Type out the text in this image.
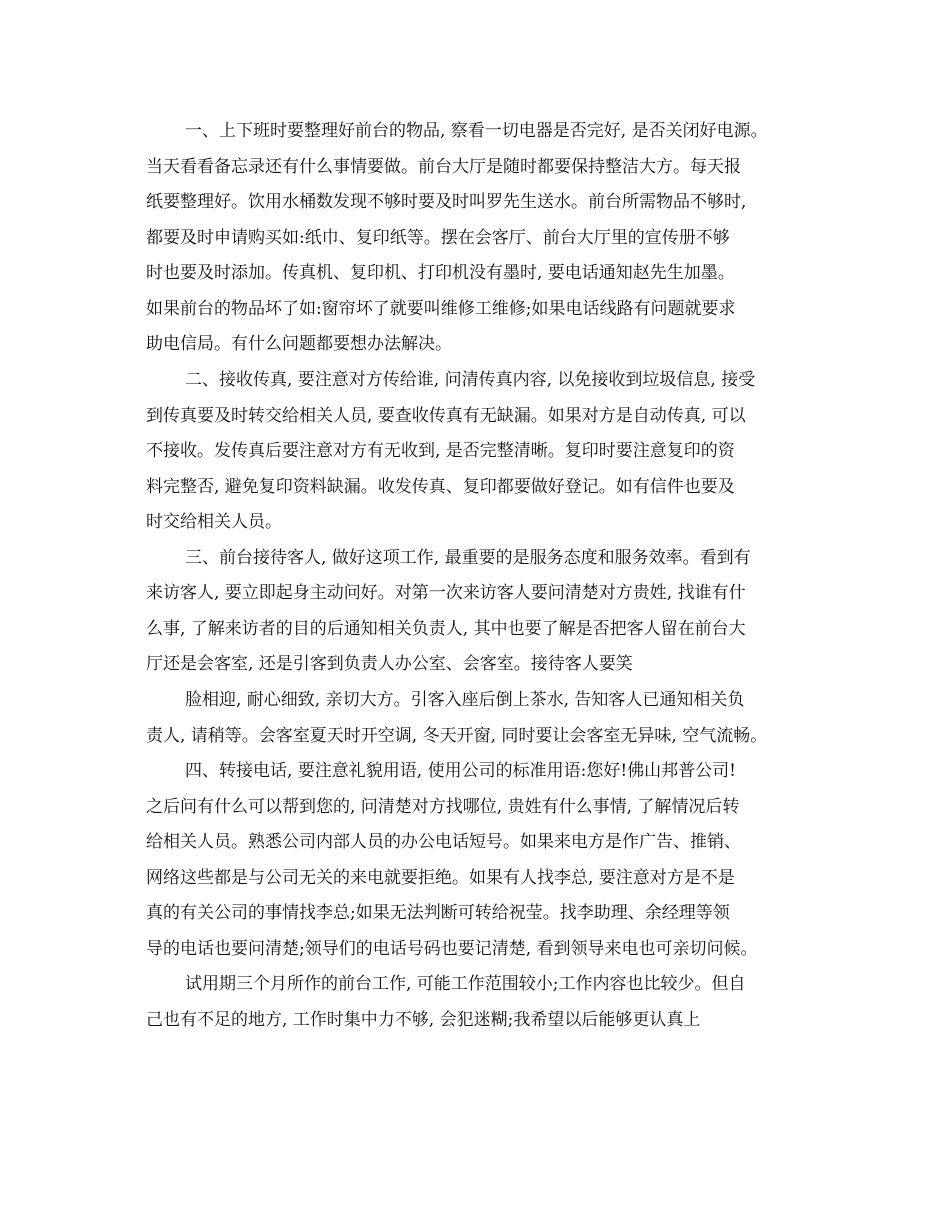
一、上下班时要整理好前台的物品, 察看一切电器是否完好, 是否关闭好电源。
当天看看备忘录还有什么事情要做。前台大厅是随时都要保持整洁大方。每天报
纸要整理好。饮用水桶数发现不够时要及时叫罗先生送水。前台所需物品不够时,
都要及时申请购买如:纸巾、复印纸等。摆在会客厅、前台大厅里的宣传册不够
时也要及时添加。传真机、复印机、打印机没有墨时, 要电话通知赵先生加墨。
如果前台的物品坏了如:窗帘坏了就要叫维修工维修;如果电话线路有问题就要求
助电信局。有什么问题都要想办法解决。
二、接收传真, 要注意对方传给谁, 问清传真内容, 以免接收到垃圾信息, 接受
到传真要及时转交给相关人员, 要查收传真有无缺漏。如果对方是自动传真, 可以
不接收。发传真后要注意对方有无收到, 是否完整清晰。复印时要注意复印的资
料完整否, 避免复印资料缺漏。收发传真、复印都要做好登记。如有信件也要及
时交给相关人员。
三、前台接待客人, 做好这项工作, 最重要的是服务态度和服务效率。看到有
来访客人, 要立即起身主动问好。对第一次来访客人要问清楚对方贵姓, 找谁有什
么事, 了解来访者的目的后通知相关负责人, 其中也要了解是否把客人留在前台大
厅还是会客室, 还是引客到负责人办公室、会客室。接待客人要笑
脸相迎, 耐心细致, 亲切大方。引客入座后倒上茶水, 告知客人已通知相关负
责人, 请稍等。会客室夏天时开空调, 冬天开窗, 同时要让会客室无异味, 空气流畅。
四、转接电话, 要注意礼貌用语, 使用公司的标准用语:您好!佛山邦普公司!
之后问有什么可以帮到您的, 问清楚对方找哪位, 贵姓有什么事情, 了解情况后转
给相关人员。熟悉公司内部人员的办公电话短号。如果来电方是作广告、推销、
网络这些都是与公司无关的来电就要拒绝。如果有人找李总, 要注意对方是不是
真的有关公司的事情找李总;如果无法判断可转给祝莹。找李助理、余经理等领
导的电话也要问清楚;领导们的电话号码也要记清楚, 看到领导来电也可亲切问候。
试用期三个月所作的前台工作, 可能工作范围较小;工作内容也比较少。但自
己也有不足的地方, 工作时集中力不够, 会犯迷糊;我希望以后能够更认真上
